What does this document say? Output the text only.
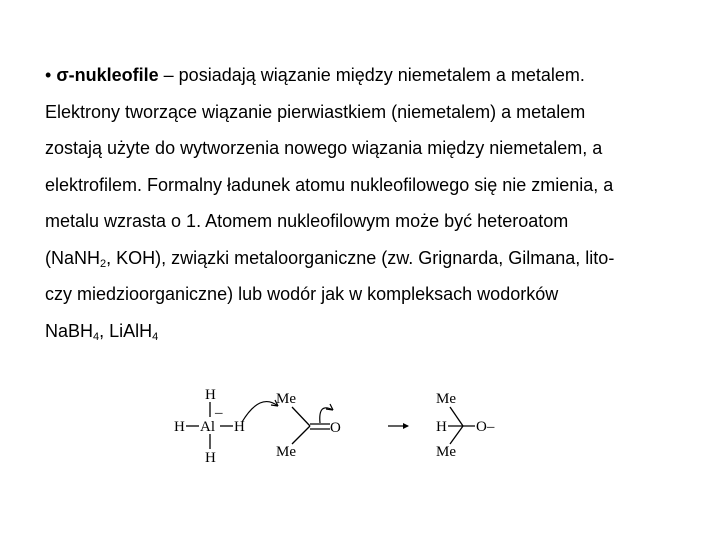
• σ-nukleofile – posiadają wiązanie między niemetalem a metalem.
Elektrony tworzące wiązanie pierwiastkiem (niemetalem) a metalem
zostają użyte do wytworzenia nowego wiązania między niemetalem, a
elektrofilem. Formalny ładunek atomu nukleofilowego się nie zmienia, a
metalu wzrasta o 1. Atomem nukleofilowym może być heteroatom
(NaNH$_2$, KOH), związki metaloorganiczne (zw. Grignarda, Gilmana, lito-
czy miedzioorganiczne) lub wodór jak w kompleksach wodorków
NaBH$_4$, LiAlH$_4$
H
H Al H
H
–
Me
Me
O
Me
H
Me
O–
